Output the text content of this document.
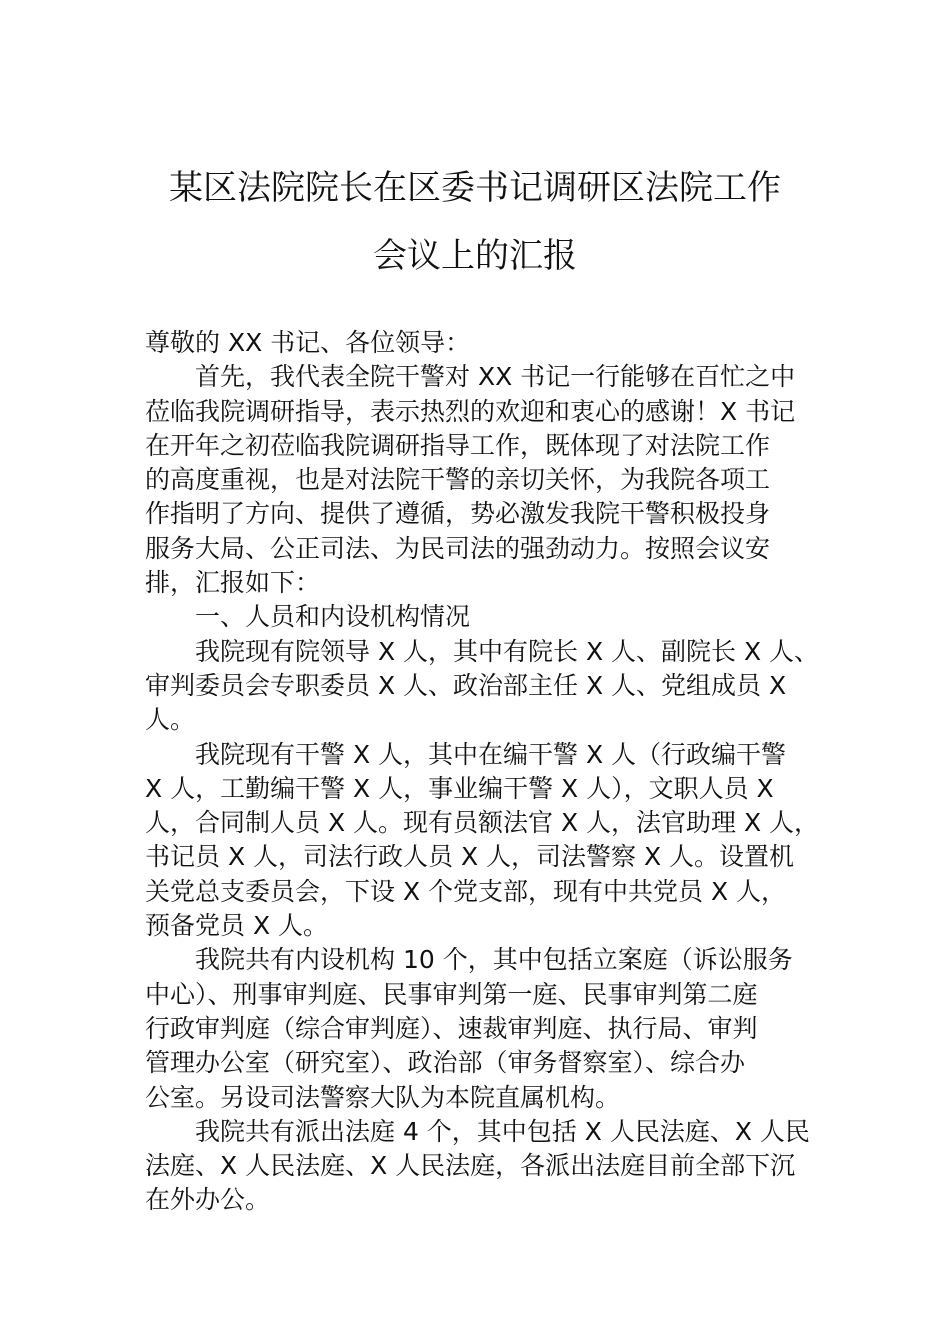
某区法院院长在区委书记调研区法院工作
会议上的汇报

尊敬的 XX 书记、各位领导：

首先，我代表全院干警对 XX 书记一行能够在百忙之中

莅临我院调研指导，表示热烈的欢迎和衷心的感谢！X 书记

在开年之初莅临我院调研指导工作，既体现了对法院工作

的高度重视，也是对法院干警的亲切关怀，为我院各项工

作指明了方向、提供了遵循，势必激发我院干警积极投身

服务大局、公正司法、为民司法的强劲动力。按照会议安

排，汇报如下：

一、人员和内设机构情况

我院现有院领导 X 人，其中有院长 X 人、副院长 X 人、

审判委员会专职委员 X 人、政治部主任 X 人、党组成员 X

人。

我院现有干警 X 人，其中在编干警 X 人（行政编干警

X 人，工勤编干警 X 人，事业编干警 X 人），文职人员 X

人，合同制人员 X 人。现有员额法官 X 人，法官助理 X 人，

书记员 X 人，司法行政人员 X 人，司法警察 X 人。设置机

关党总支委员会，下设 X 个党支部，现有中共党员 X 人，

预备党员 X 人。

我院共有内设机构 10 个，其中包括立案庭（诉讼服务

中心）、刑事审判庭、民事审判第一庭、民事审判第二庭

行政审判庭（综合审判庭）、速裁审判庭、执行局、审判

管理办公室（研究室）、政治部（审务督察室）、综合办

公室。另设司法警察大队为本院直属机构。

我院共有派出法庭 4 个，其中包括 X 人民法庭、X 人民

法庭、X 人民法庭、X 人民法庭，各派出法庭目前全部下沉

在外办公。
